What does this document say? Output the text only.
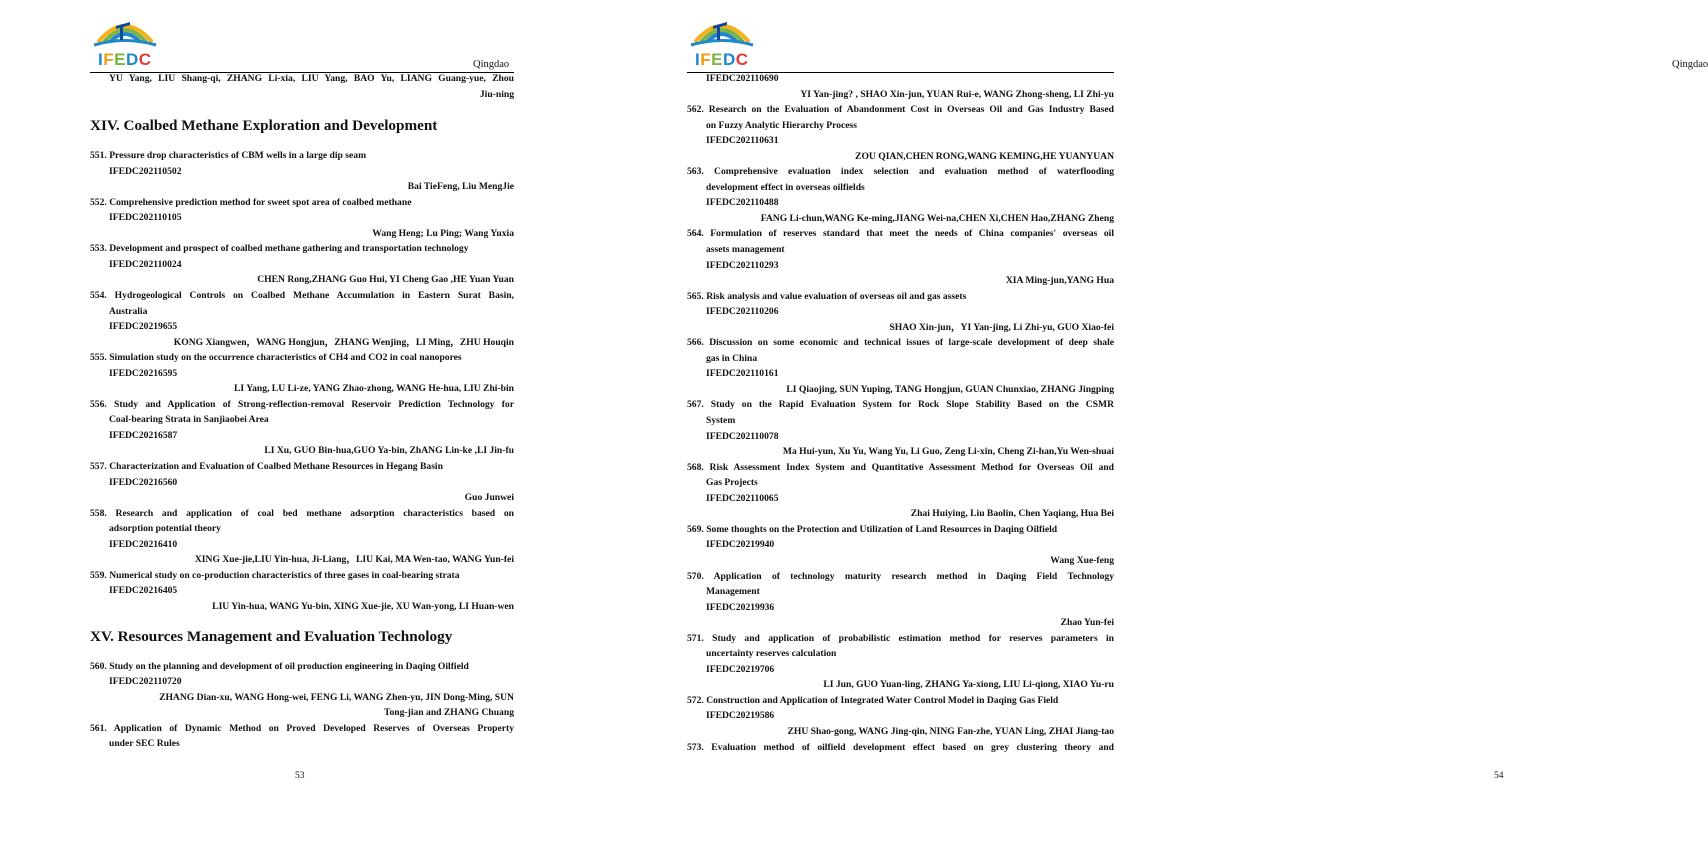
IFEDC	Qingdao
YU Yang, LIU Shang-qi, ZHANG Li-xia, LIU Yang, BAO Yu, LIANG Guang-yue, Zhou
Jiu-ning
XIV. Coalbed Methane Exploration and Development
551. Pressure drop characteristics of CBM wells in a large dip seam
IFEDC202110502
Bai TieFeng, Liu MengJie
552. Comprehensive prediction method for sweet spot area of coalbed methane
IFEDC202110105
Wang Heng; Lu Ping; Wang Yuxia
553. Development and prospect of coalbed methane gathering and transportation technology
IFEDC202110024
CHEN Rong,ZHANG Guo Hui, YI Cheng Gao ,HE Yuan Yuan
554. Hydrogeological Controls on Coalbed Methane Accumulation in Eastern Surat Basin,
Australia
IFEDC20219655
KONG Xiangwen，WANG Hongjun，ZHANG Wenjing，LI Ming，ZHU Houqin
555. Simulation study on the occurrence characteristics of CH4 and CO2 in coal nanopores
IFEDC20216595
LI Yang, LU Li-ze, YANG Zhao-zhong, WANG He-hua, LIU Zhi-bin
556. Study and Application of Strong-reflection-removal Reservoir Prediction Technology for
Coal-bearing Strata in Sanjiaobei Area
IFEDC20216587
LI Xu, GUO Bin-hua,GUO Ya-bin, ZhANG Lin-ke ,LI Jin-fu
557. Characterization and Evaluation of Coalbed Methane Resources in Hegang Basin
IFEDC20216560
Guo Junwei
558. Research and application of coal bed methane adsorption characteristics based on
adsorption potential theory
IFEDC20216410
XING Xue-jie,LIU Yin-hua, Ji-Liang，LIU Kai, MA Wen-tao, WANG Yun-fei
559. Numerical study on co-production characteristics of three gases in coal-bearing strata
IFEDC20216405
LIU Yin-hua, WANG Yu-bin, XING Xue-jie, XU Wan-yong, LI Huan-wen
XV. Resources Management and Evaluation Technology
560. Study on the planning and development of oil production engineering in Daqing Oilfield
IFEDC202110720
ZHANG Dian-xu, WANG Hong-wei, FENG Li, WANG Zhen-yu, JIN Dong-Ming, SUN
Tong-jian and ZHANG Chuang
561. Application of Dynamic Method on Proved Developed Reserves of Overseas Property
under SEC Rules
53
IFEDC	Qingdao
IFEDC202110690
YI Yan-jing? , SHAO Xin-jun, YUAN Rui-e, WANG Zhong-sheng, LI Zhi-yu
562. Research on the Evaluation of Abandonment Cost in Overseas Oil and Gas Industry Based
on Fuzzy Analytic Hierarchy Process
IFEDC202110631
ZOU QIAN,CHEN RONG,WANG KEMING,HE YUANYUAN
563. Comprehensive evaluation index selection and evaluation method of waterflooding
development effect in overseas oilfields
IFEDC202110488
FANG Li-chun,WANG Ke-ming,JIANG Wei-na,CHEN Xi,CHEN Hao,ZHANG Zheng
564. Formulation of reserves standard that meet the needs of China companies' overseas oil
assets management
IFEDC202110293
XIA Ming-jun,YANG Hua
565. Risk analysis and value evaluation of overseas oil and gas assets
IFEDC202110206
SHAO Xin-jun，YI Yan-jing, Li Zhi-yu, GUO Xiao-fei
566. Discussion on some economic and technical issues of large-scale development of deep shale
gas in China
IFEDC202110161
LI Qiaojing, SUN Yuping, TANG Hongjun, GUAN Chunxiao, ZHANG Jingping
567. Study on the Rapid Evaluation System for Rock Slope Stability Based on the CSMR
System
IFEDC202110078
Ma Hui-yun, Xu Yu, Wang Yu, Li Guo, Zeng Li-xin, Cheng Zi-han,Yu Wen-shuai
568. Risk Assessment Index System and Quantitative Assessment Method for Overseas Oil and
Gas Projects
IFEDC202110065
Zhai Huiying, Liu Baolin, Chen Yaqiang, Hua Bei
569. Some thoughts on the Protection and Utilization of Land Resources in Daqing Oilfield
IFEDC20219940
Wang Xue-feng
570. Application of technology maturity research method in Daqing Field Technology
Management
IFEDC20219936
Zhao Yun-fei
571. Study and application of probabilistic estimation method for reserves parameters in
uncertainty reserves calculation
IFEDC20219706
LI Jun, GUO Yuan-ling, ZHANG Ya-xiong, LIU Li-qiong, XIAO Yu-ru
572. Construction and Application of Integrated Water Control Model in Daqing Gas Field
IFEDC20219586
ZHU Shao-gong, WANG Jing-qin, NING Fan-zhe, YUAN Ling, ZHAI Jiang-tao
573. Evaluation method of oilfield development effect based on grey clustering theory and
54
